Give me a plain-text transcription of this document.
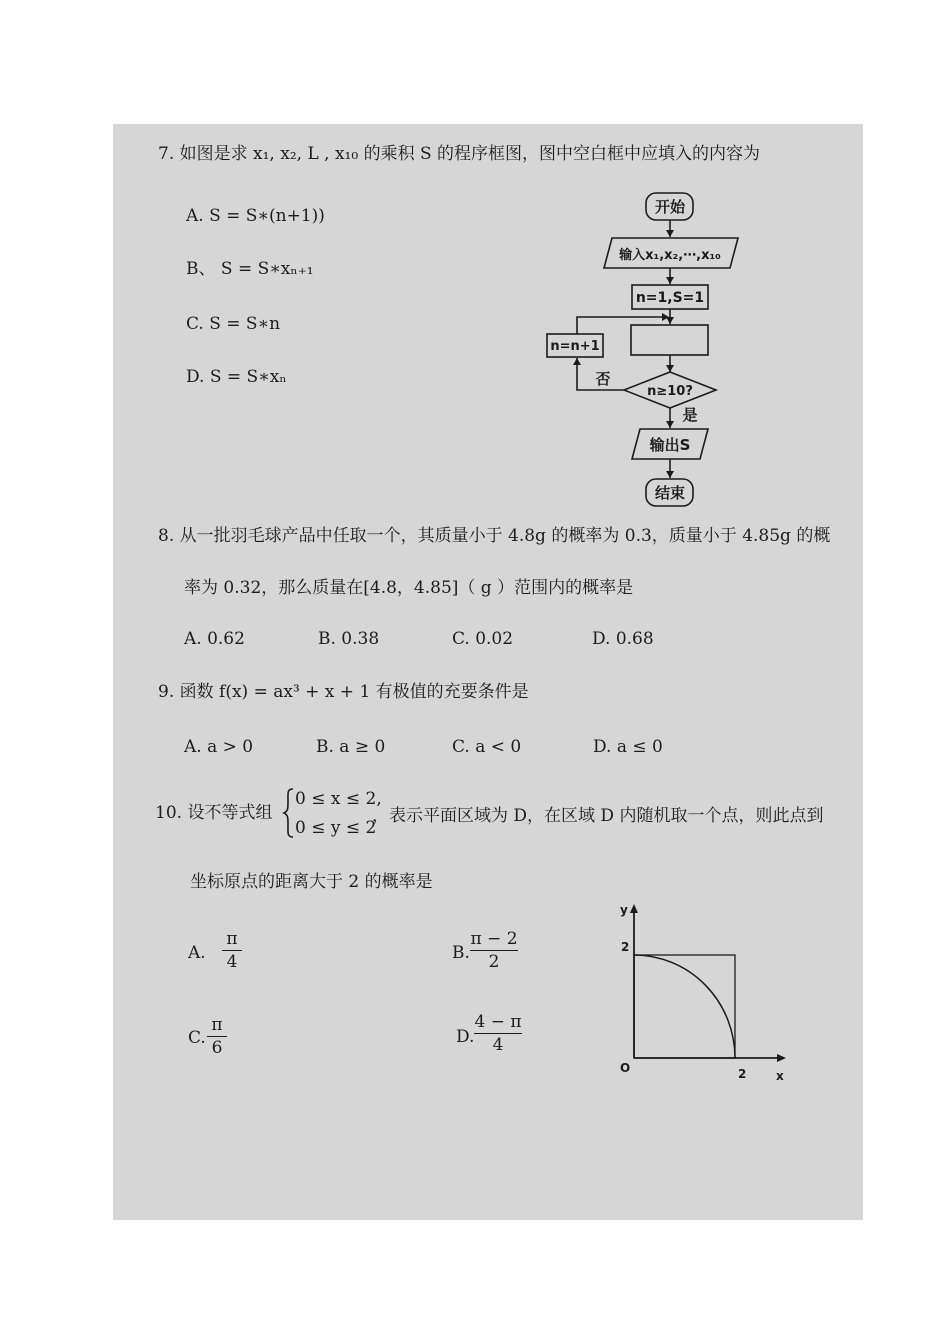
7. 如图是求 x₁, x₂, L , x₁₀ 的乘积 S 的程序框图，图中空白框中应填入的内容为
A. S = S∗(n+1))
B、 S = S∗xₙ₊₁
C. S = S∗n
D. S = S∗xₙ
开始
输入x₁,x₂,⋯,x₁₀
n=1,S=1
n≥10?
n=n+1
否
是
输出S
结束
8. 从一批羽毛球产品中任取一个，其质量小于 4.8g 的概率为 0.3，质量小于 4.85g 的概
率为 0.32，那么质量在[4.8，4.85]（ g ）范围内的概率是
A. 0.62	B. 0.38	C. 0.02	D. 0.68
9. 函数 f(x) = ax³ + x + 1 有极值的充要条件是
A. a > 0	B. a ≥ 0	C. a < 0	D. a ≤ 0
10. 设不等式组
0 ≤ x ≤ 2,
0 ≤ y ≤ 2
，表示平面区域为 D，在区域 D 内随机取一个点，则此点到
坐标原点的距离大于 2 的概率是
A.
π
4	B.
π − 2
2
C.
π
6
D.
4 − π
4
y
x
O
2
2
